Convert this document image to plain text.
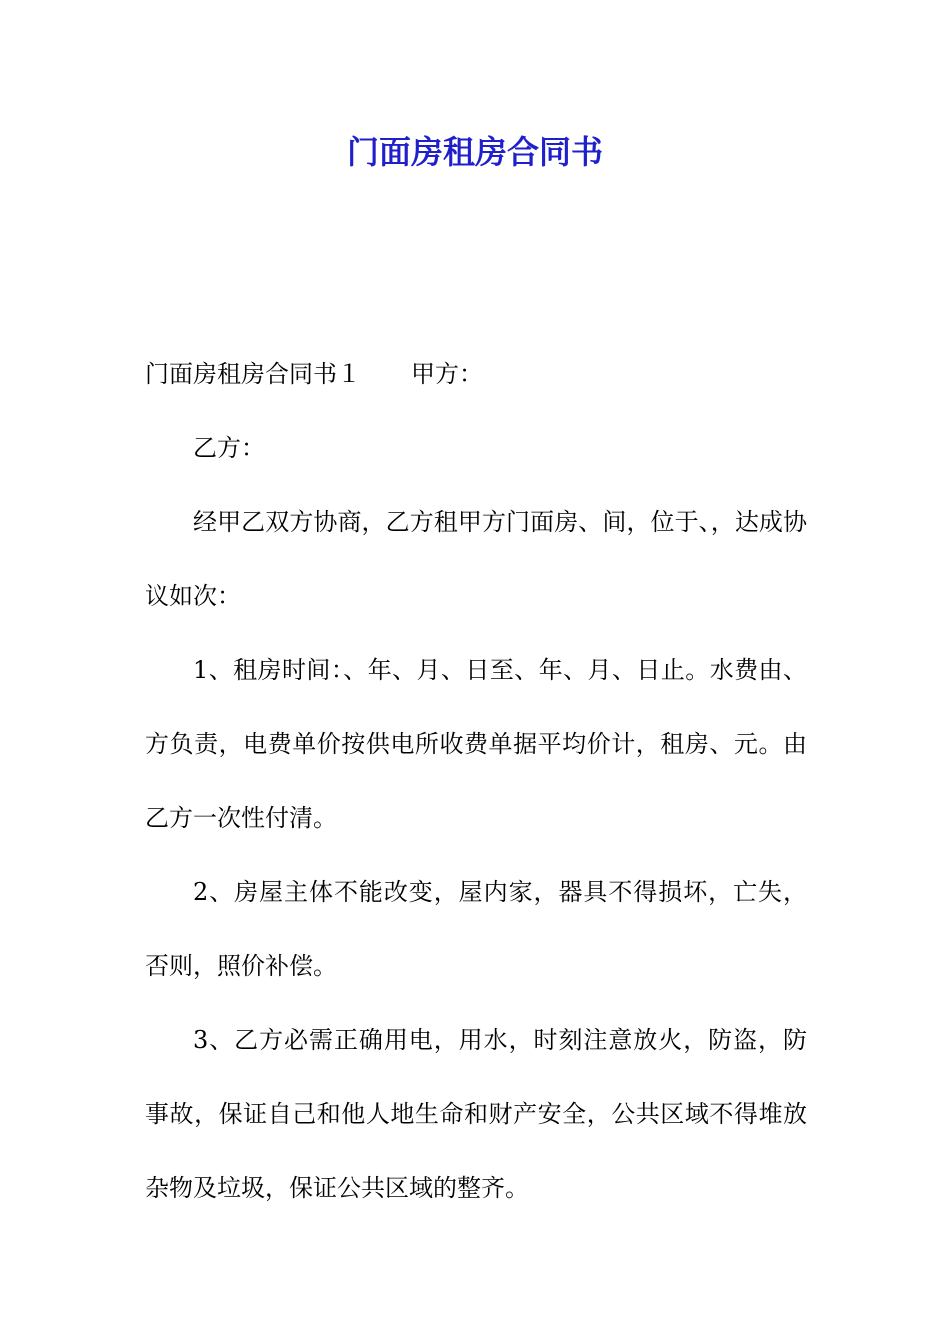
门面房租房合同书

门面房租房合同书１ 甲方：

乙方：

经甲乙双方协商，乙方租甲方门面房、间，位于、，达成协议如次：

1、租房时间：、年、月、日至、年、月、日止。水费由、方负责，电费单价按供电所收费单据平均价计，租房、元。由乙方一次性付清。

2、房屋主体不能改变，屋内家，器具不得损坏，亡失，否则，照价补偿。

3、乙方必需正确用电，用水，时刻注意放火，防盗，防事故，保证自己和他人地生命和财产安全，公共区域不得堆放杂物及垃圾，保证公共区域的整齐。
